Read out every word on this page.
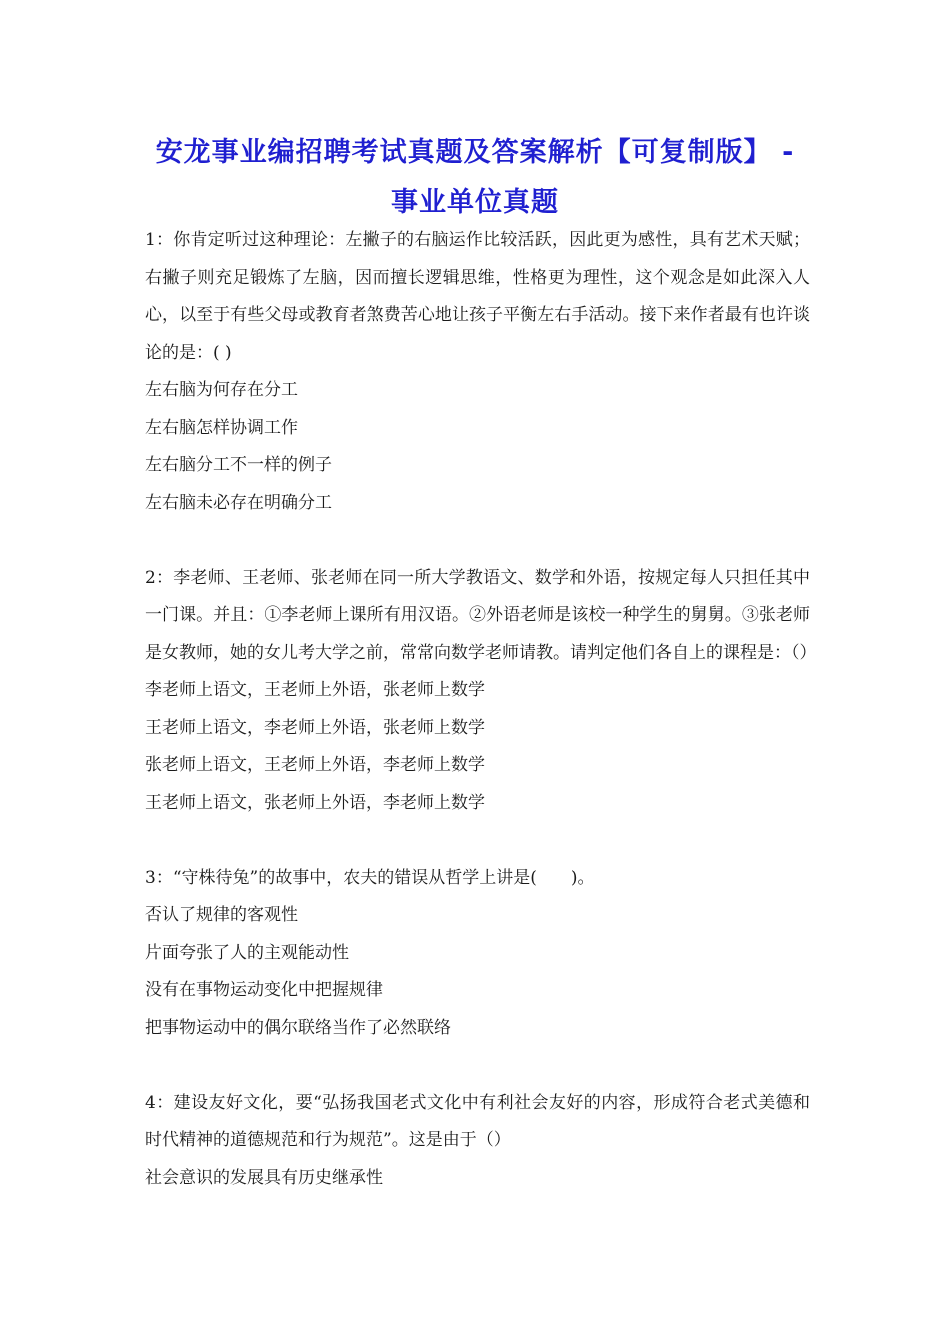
安龙事业编招聘考试真题及答案解析【可复制版】 -
事业单位真题

1：你肯定听过这种理论：左撇子的右脑运作比较活跃，因此更为感性，具有艺术天赋；右撇子则充足锻炼了左脑，因而擅长逻辑思维，性格更为理性，这个观念是如此深入人心，以至于有些父母或教育者煞费苦心地让孩子平衡左右手活动。接下来作者最有也许谈论的是：( )

左右脑为何存在分工

左右脑怎样协调工作

左右脑分工不一样的例子

左右脑未必存在明确分工

2：李老师、王老师、张老师在同一所大学教语文、数学和外语，按规定每人只担任其中一门课。并且：①李老师上课所有用汉语。②外语老师是该校一种学生的舅舅。③张老师是女教师，她的女儿考大学之前，常常向数学老师请教。请判定他们各自上的课程是：（）

李老师上语文，王老师上外语，张老师上数学

王老师上语文，李老师上外语，张老师上数学

张老师上语文，王老师上外语，李老师上数学

王老师上语文，张老师上外语，李老师上数学

3：“守株待兔”的故事中，农夫的错误从哲学上讲是(　　)。

否认了规律的客观性

片面夸张了人的主观能动性

没有在事物运动变化中把握规律

把事物运动中的偶尔联络当作了必然联络

4：建设友好文化，要“弘扬我国老式文化中有利社会友好的内容，形成符合老式美德和时代精神的道德规范和行为规范”。这是由于（）

社会意识的发展具有历史继承性
